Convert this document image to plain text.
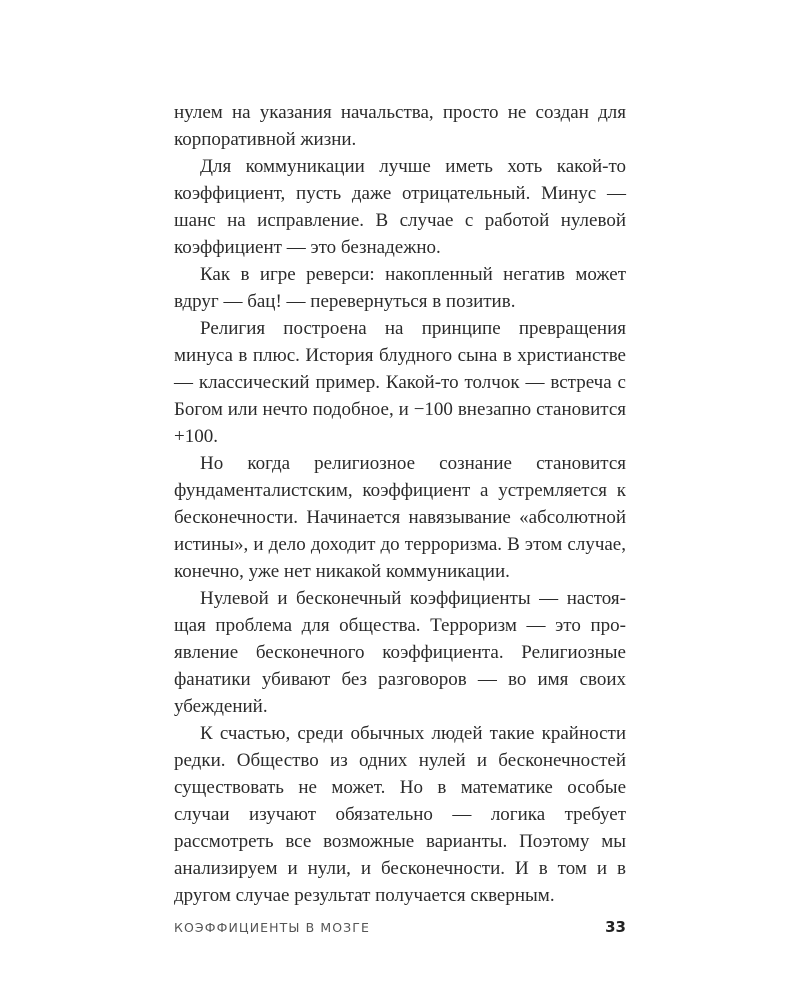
нулем на указания начальства, просто не создан для корпоративной жизни.

Для коммуникации лучше иметь хоть какой-то коэффициент, пусть даже отрицательный. Минус — шанс на исправление. В случае с работой нулевой коэффициент — это безнадежно.

Как в игре реверси: накопленный негатив может вдруг — бац! — перевернуться в позитив.

Религия построена на принципе превращения минуса в плюс. История блудного сына в христианстве — классический пример. Какой-то толчок — встреча с Богом или нечто подобное, и −100 внезапно становится +100.

Но когда религиозное сознание становится фундаменталистским, коэффициент a устремляется к бесконечности. Начинается навязывание «абсолютной истины», и дело доходит до терроризма. В этом случае, конечно, уже нет никакой коммуникации.

Нулевой и бесконечный коэффициенты — настоящая проблема для общества. Терроризм — это проявление бесконечного коэффициента. Религиозные фанатики убивают без разговоров — во имя своих убеждений.

К счастью, среди обычных людей такие крайности редки. Общество из одних нулей и бесконечностей существовать не может. Но в математике особые случаи изучают обязательно — логика требует рассмотреть все возможные варианты. Поэтому мы анализируем и нули, и бесконечности. И в том и в другом случае результат получается скверным.

КОЭФФИЦИЕНТЫ В МОЗГЕ	33
